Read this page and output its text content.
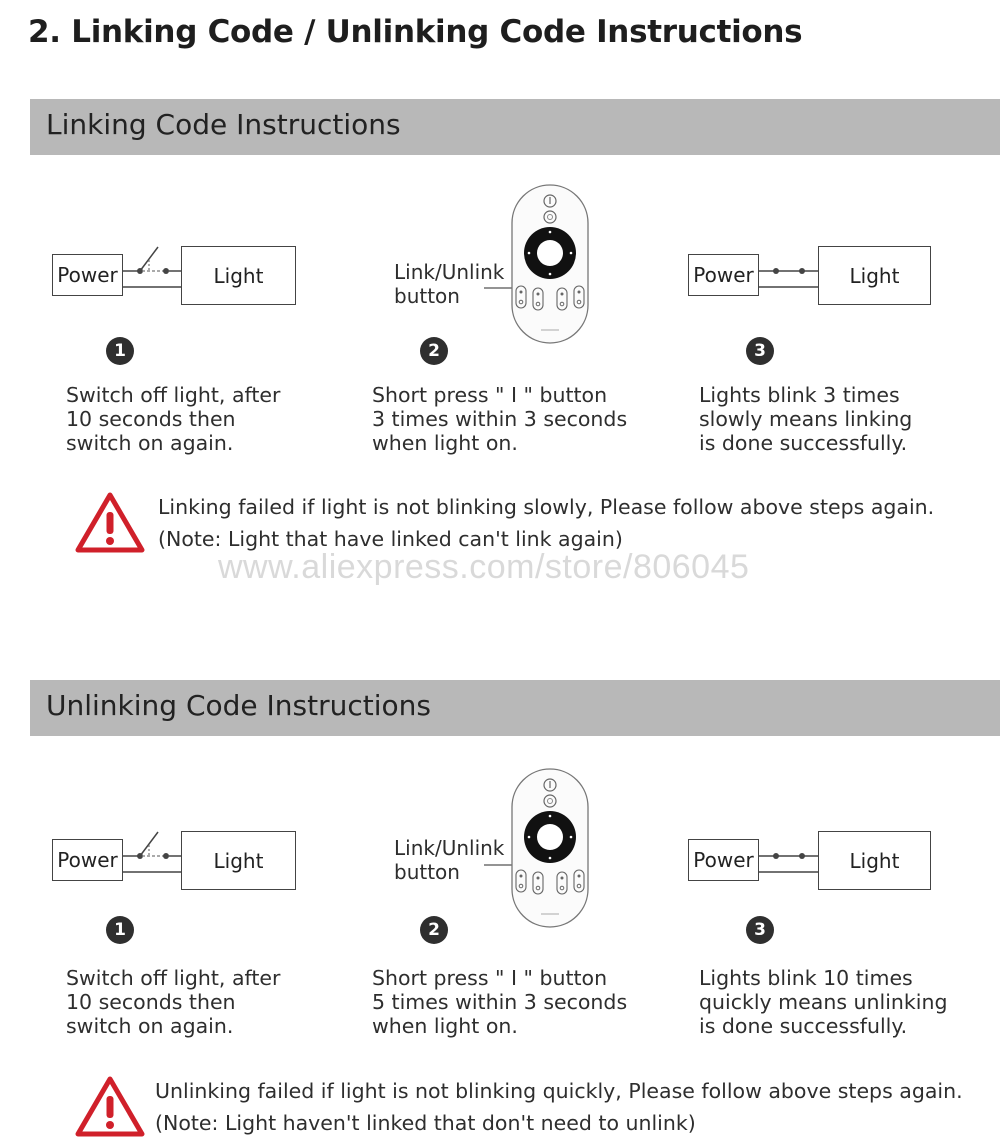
2. Linking Code / Unlinking Code Instructions
Linking Code Instructions
Power	Light	Link/Unlink
button
Power	Light
1	2	3
Switch off light, after
10 seconds then
switch on again.
Short press " I " button
3 times within 3 seconds
when light on.
Lights blink 3 times
slowly means linking
is done successfully.
Linking failed if light is not blinking slowly, Please follow above steps again.
(Note: Light that have linked can't link again)
www.aliexpress.com/store/806045
Unlinking Code Instructions
Power	Light
Link/Unlink
button	Power	Light
1	2	3
Switch off light, after
10 seconds then
switch on again.
Short press " I " button
5 times within 3 seconds
when light on.
Lights blink 10 times
quickly means unlinking
is done successfully.
Unlinking failed if light is not blinking quickly, Please follow above steps again.
(Note: Light haven't linked that don't need to unlink)
